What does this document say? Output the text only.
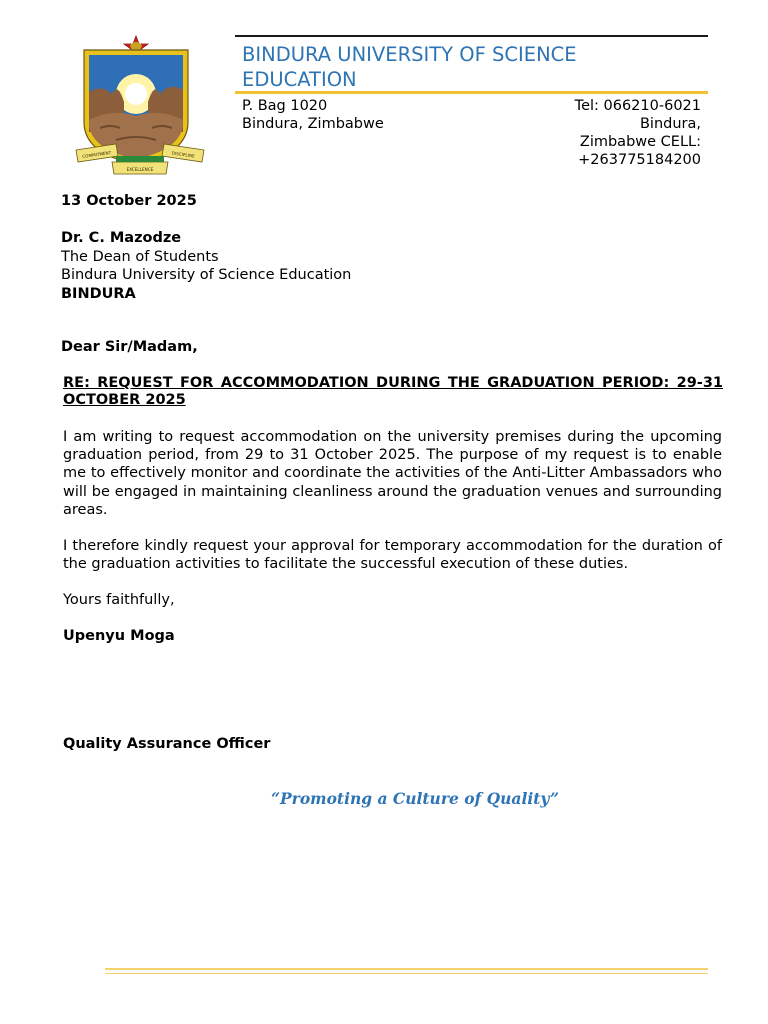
COMMITMENT	DISCIPLINE
EXCELLENCE
BINDURA UNIVERSITY OF SCIENCE
EDUCATION
P. Bag 1020
Bindura, Zimbabwe
Tel: 066210-6021
Bindura,
Zimbabwe CELL:
+263775184200
13 October 2025
Dr. C. Mazodze
The Dean of Students
Bindura University of Science Education
BINDURA
Dear Sir/Madam,
RE: REQUEST FOR ACCOMMODATION DURING THE GRADUATION PERIOD: 29-31 OCTOBER 2025
I am writing to request accommodation on the university premises during the upcoming graduation period, from 29 to 31 October 2025. The purpose of my request is to enable me to effectively monitor and coordinate the activities of the Anti-Litter Ambassadors who will be engaged in maintaining cleanliness around the graduation venues and surrounding areas.
I therefore kindly request your approval for temporary accommodation for the duration of the graduation activities to facilitate the successful execution of these duties.
Yours faithfully,
Upenyu Moga
Quality Assurance Officer
“Promoting a Culture of Quality”
